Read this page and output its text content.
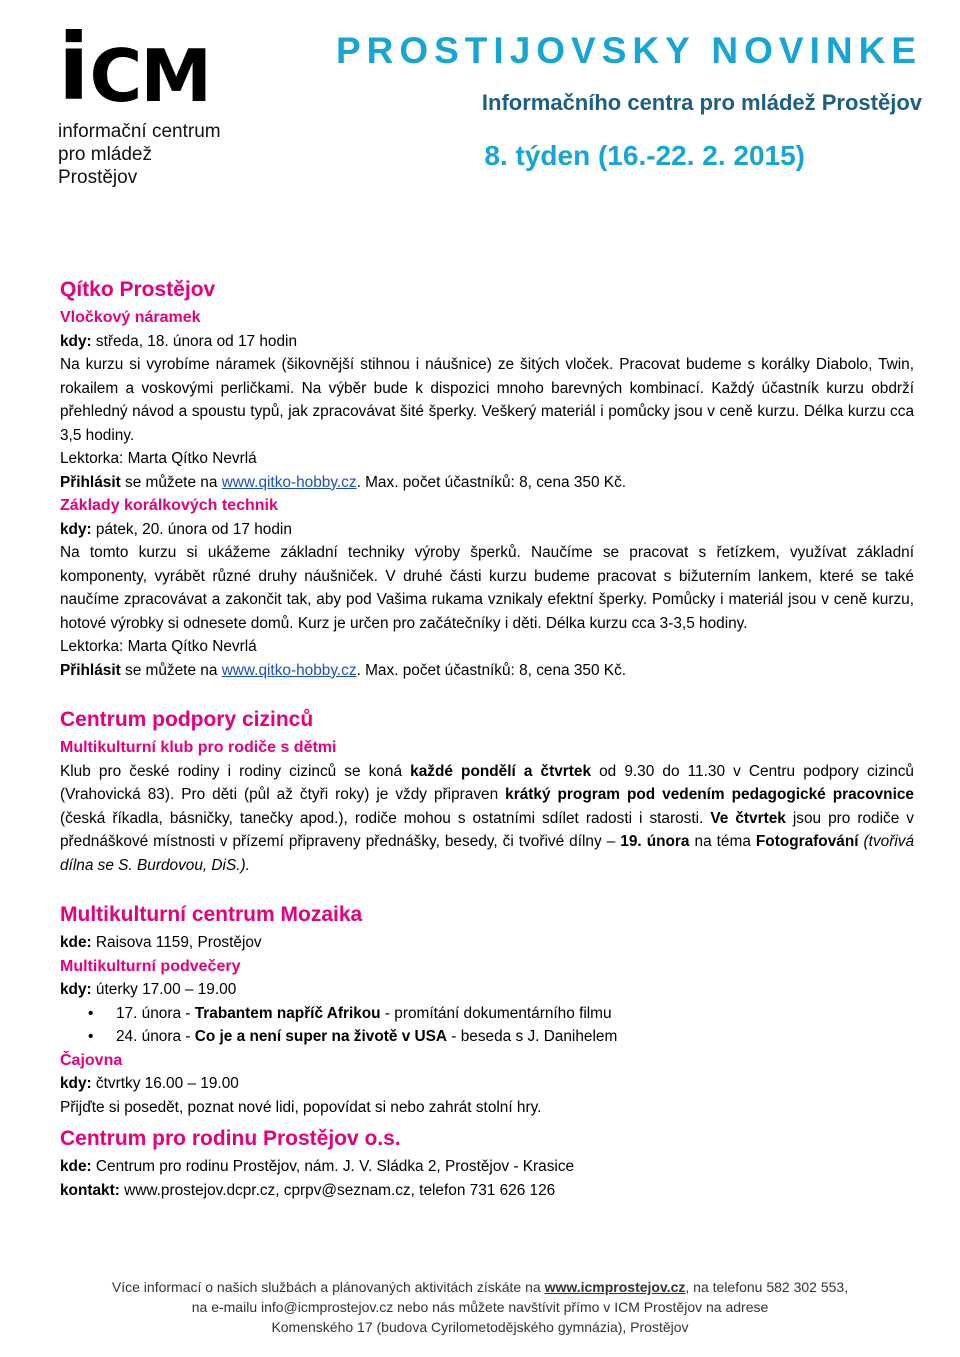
i CM
informační centrum
pro mládež
Prostějov
PROSTIJOVSKY NOVINKE
Informačního centra pro mládež Prostějov
8. týden (16.-22. 2. 2015)
Qítko Prostějov
Vločkový náramek
kdy: středa, 18. února od 17 hodin
Na kurzu si vyrobíme náramek (šikovnější stihnou i náušnice) ze šitých vloček. Pracovat budeme s korálky Diabolo, Twin, rokailem a voskovými perličkami. Na výběr bude k dispozici mnoho barevných kombinací. Každý účastník kurzu obdrží přehledný návod a spoustu typů, jak zpracovávat šité šperky. Veškerý materiál i pomůcky jsou v ceně kurzu. Délka kurzu cca 3,5 hodiny.
Lektorka: Marta Qítko Nevrlá
Přihlásit se můžete na www.qitko-hobby.cz. Max. počet účastníků: 8, cena 350 Kč.
Základy korálkových technik
kdy: pátek, 20. února od 17 hodin
Na tomto kurzu si ukážeme základní techniky výroby šperků. Naučíme se pracovat s řetízkem, využívat základní komponenty, vyrábět různé druhy náušniček. V druhé části kurzu budeme pracovat s bižuterním lankem, které se také naučíme zpracovávat a zakončit tak, aby pod Vašima rukama vznikaly efektní šperky. Pomůcky i materiál jsou v ceně kurzu, hotové výrobky si odnesete domů. Kurz je určen pro začátečníky i děti. Délka kurzu cca 3-3,5 hodiny.
Lektorka: Marta Qítko Nevrlá
Přihlásit se můžete na www.qitko-hobby.cz. Max. počet účastníků: 8, cena 350 Kč.
Centrum podpory cizinců
Multikulturní klub pro rodiče s dětmi
Klub pro české rodiny i rodiny cizinců se koná každé pondělí a čtvrtek od 9.30 do 11.30 v Centru podpory cizinců (Vrahovická 83). Pro děti (půl až čtyři roky) je vždy připraven krátký program pod vedením pedagogické pracovnice (česká říkadla, básničky, tanečky apod.), rodiče mohou s ostatními sdílet radosti i starosti. Ve čtvrtek jsou pro rodiče v přednáškové místnosti v přízemí připraveny přednášky, besedy, či tvořivé dílny – 19. února na téma Fotografování (tvořivá dílna se S. Burdovou, DiS.).
Multikulturní centrum Mozaika
kde: Raisova 1159, Prostějov
Multikulturní podvečery
kdy: úterky 17.00 – 19.00
• 17. února - Trabantem napříč Afrikou - promítání dokumentárního filmu
• 24. února - Co je a není super na životě v USA - beseda s J. Danihelem
Čajovna
kdy: čtvrtky 16.00 – 19.00
Přijďte si posedět, poznat nové lidi, popovídat si nebo zahrát stolní hry.
Centrum pro rodinu Prostějov o.s.
kde: Centrum pro rodinu Prostějov, nám. J. V. Sládka 2, Prostějov - Krasice
kontakt: www.prostejov.dcpr.cz, cprpv@seznam.cz, telefon 731 626 126
Více informací o našich službách a plánovaných aktivitách získáte na www.icmprostejov.cz, na telefonu 582 302 553,
na e-mailu info@icmprostejov.cz nebo nás můžete navštívit přímo v ICM Prostějov na adrese
Komenského 17 (budova Cyrilometodějského gymnázia), Prostějov
